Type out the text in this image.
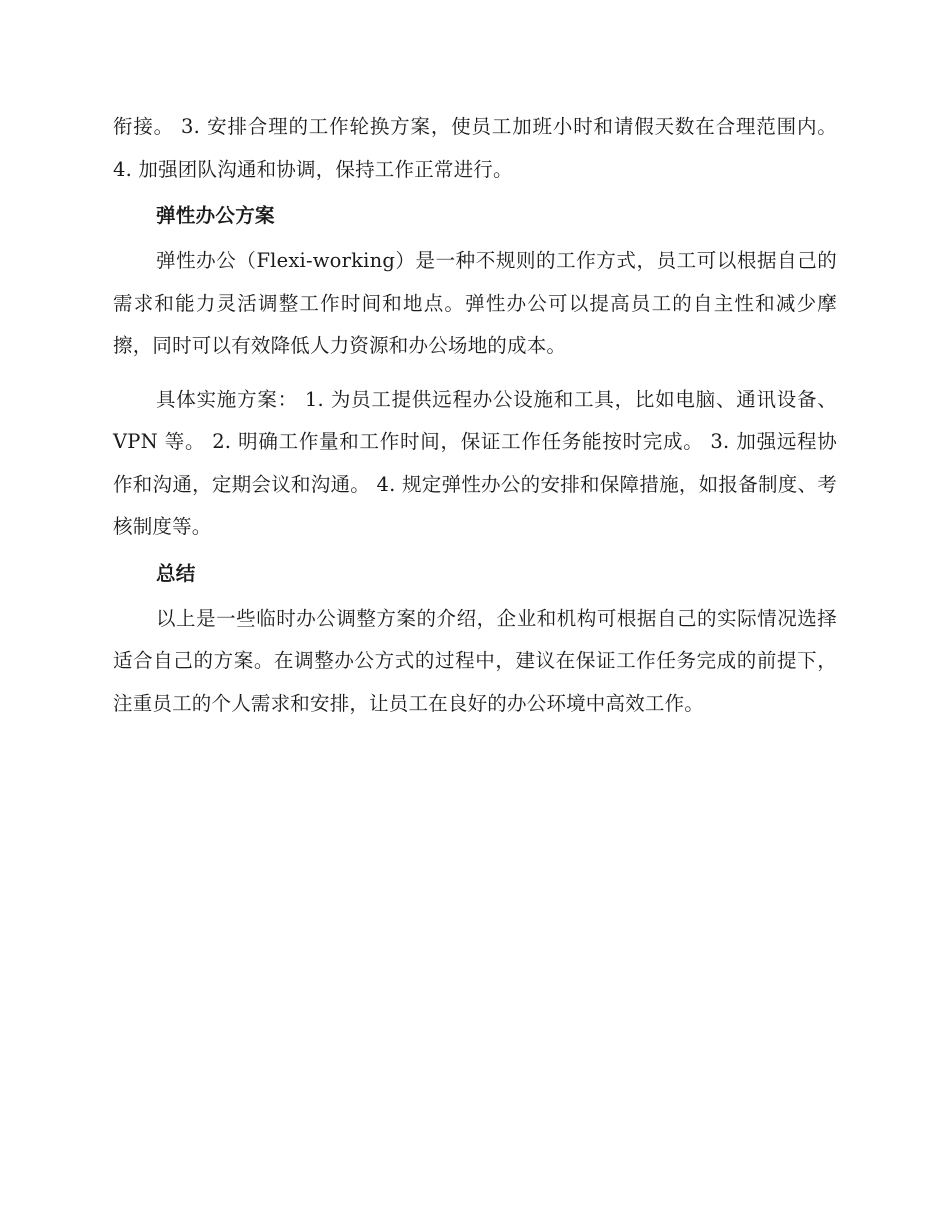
衔接。 3. 安排合理的工作轮换方案，使员工加班小时和请假天数在合理范围内。 4. 加强团队沟通和协调，保持工作正常进行。

弹性办公方案

弹性办公（Flexi-working）是一种不规则的工作方式，员工可以根据自己的需求和能力灵活调整工作时间和地点。弹性办公可以提高员工的自主性和减少摩擦，同时可以有效降低人力资源和办公场地的成本。

具体实施方案： 1. 为员工提供远程办公设施和工具，比如电脑、通讯设备、VPN 等。 2. 明确工作量和工作时间，保证工作任务能按时完成。 3. 加强远程协作和沟通，定期会议和沟通。 4. 规定弹性办公的安排和保障措施，如报备制度、考核制度等。

总结

以上是一些临时办公调整方案的介绍，企业和机构可根据自己的实际情况选择适合自己的方案。在调整办公方式的过程中，建议在保证工作任务完成的前提下，注重员工的个人需求和安排，让员工在良好的办公环境中高效工作。
